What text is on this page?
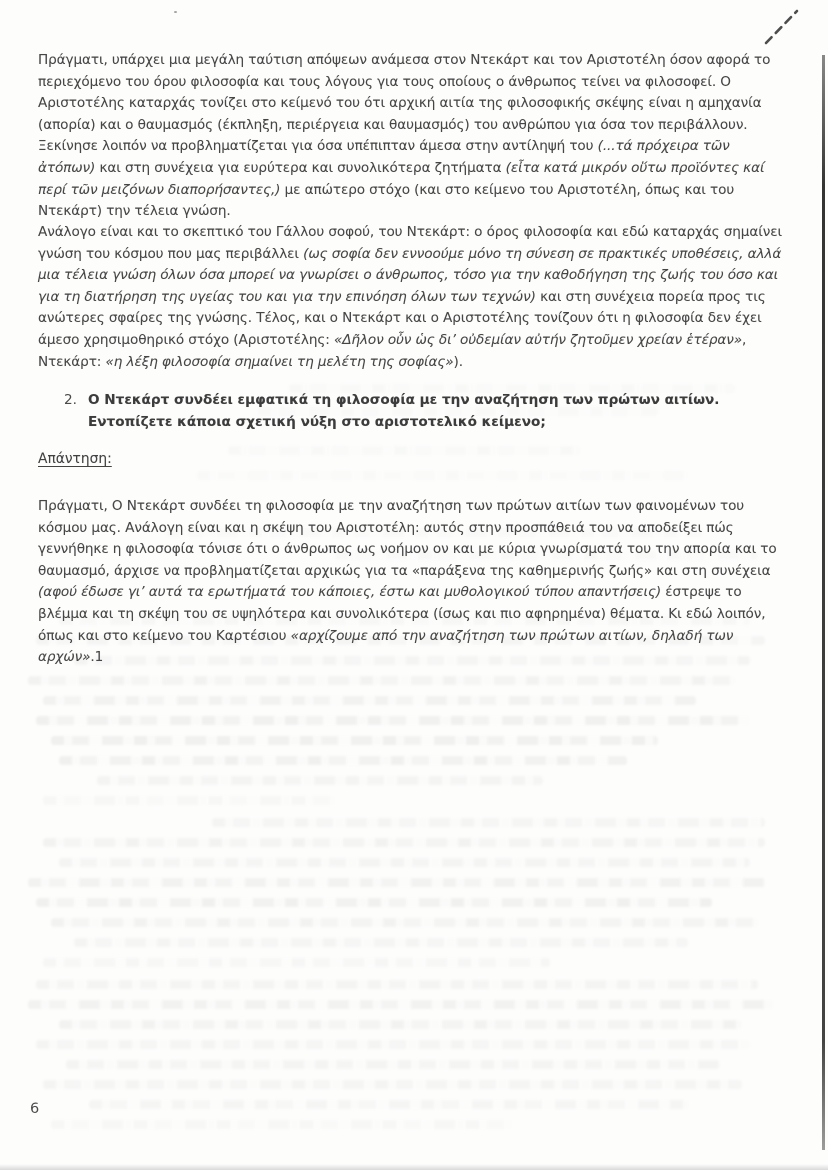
Πράγματι, υπάρχει μια μεγάλη ταύτιση απόψεων ανάμεσα στον Ντεκάρτ και τον Αριστοτέλη όσον αφορά το περιεχόμενο του όρου φιλοσοφία και τους λόγους για τους οποίους ο άνθρωπος τείνει να φιλοσοφεί. Ο Αριστοτέλης καταρχάς τονίζει στο κείμενό του ότι αρχική αιτία της φιλοσοφικής σκέψης είναι η αμηχανία (απορία) και ο θαυμασμός (έκπληξη, περιέργεια και θαυμασμός) του ανθρώπου για όσα τον περιβάλλουν. Ξεκίνησε λοιπόν να προβληματίζεται για όσα υπέπιπταν άμεσα στην αντίληψή του (...τά πρόχειρα τῶν ἀτόπων) και στη συνέχεια για ευρύτερα και συνολικότερα ζητήματα (εἶτα κατά μικρόν οὕτω προϊόντες καί περί τῶν μειζόνων διαπορήσαντες,) με απώτερο στόχο (και στο κείμενο του Αριστοτέλη, όπως και του Ντεκάρτ) την τέλεια γνώση.

Ανάλογο είναι και το σκεπτικό του Γάλλου σοφού, του Ντεκάρτ: ο όρος φιλοσοφία και εδώ καταρχάς σημαίνει γνώση του κόσμου που μας περιβάλλει (ως σοφία δεν εννοούμε μόνο τη σύνεση σε πρακτικές υποθέσεις, αλλά μια τέλεια γνώση όλων όσα μπορεί να γνωρίσει ο άνθρωπος, τόσο για την καθοδήγηση της ζωής του όσο και για τη διατήρηση της υγείας του και για την επινόηση όλων των τεχνών) και στη συνέχεια πορεία προς τις ανώτερες σφαίρες της γνώσης. Τέλος, και ο Ντεκάρτ και ο Αριστοτέλης τονίζουν ότι η φιλοσοφία δεν έχει άμεσο χρησιμοθηρικό στόχο (Αριστοτέλης: «Δῆλον οὖν ὡς δι’ οὐδεμίαν αὐτήν ζητοῦμεν χρείαν ἑτέραν», Ντεκάρτ: «η λέξη φιλοσοφία σημαίνει τη μελέτη της σοφίας»).

2. Ο Ντεκάρτ συνδέει εμφατικά τη φιλοσοφία με την αναζήτηση των πρώτων αιτίων. Εντοπίζετε κάποια σχετική νύξη στο αριστοτελικό κείμενο;
Απάντηση:

Πράγματι, Ο Ντεκάρτ συνδέει τη φιλοσοφία με την αναζήτηση των πρώτων αιτίων των φαινομένων του κόσμου μας. Ανάλογη είναι και η σκέψη του Αριστοτέλη: αυτός στην προσπάθειά του να αποδείξει πώς γεννήθηκε η φιλοσοφία τόνισε ότι ο άνθρωπος ως νοήμον ον και με κύρια γνωρίσματά του την απορία και το θαυμασμό, άρχισε να προβληματίζεται αρχικώς για τα «παράξενα της καθημερινής ζωής» και στη συνέχεια (αφού έδωσε γι’ αυτά τα ερωτήματά του κάποιες, έστω και μυθολογικού τύπου απαντήσεις) έστρεψε το βλέμμα και τη σκέψη του σε υψηλότερα και συνολικότερα (ίσως και πιο αφηρημένα) θέματα. Κι εδώ λοιπόν, όπως και στο κείμενο του Καρτέσιου «αρχίζουμε από την αναζήτηση των πρώτων αιτίων, δηλαδή των αρχών».1

6
